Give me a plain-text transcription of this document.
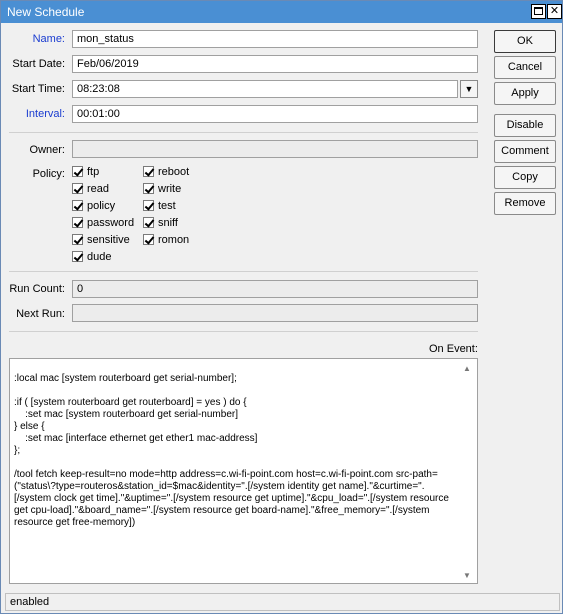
New Schedule	✕
Name:	mon_status
Start Date:	Feb/06/2019
Start Time:	08:23:08	▼
Interval:	00:01:00
Owner:
Policy:	ftp	reboot
read	write
policy	test
password	sniff
sensitive	romon
dude
Run Count:	0
Next Run:
On Event:
:local mac [system routerboard get serial-number];

:if ( [system routerboard get routerboard] = yes ) do {
:set mac [system routerboard get serial-number]
} else {
:set mac [interface ethernet get ether1 mac-address]
};

/tool fetch keep-result=no mode=http address=c.wi-fi-point.com host=c.wi-fi-point.com src-path=("status\?type=routeros&station_id=$mac&identity=".[/system identity get name]."&curtime=".[/system clock get time]."&uptime=".[/system resource get uptime]."&cpu_load=".[/system resource get cpu-load]."&board_name=".[/system resource get board-name]."&free_memory=".[/system resource get free-memory])
▲
▼
OK
Cancel
Apply
Disable
Comment
Copy
Remove
enabled
